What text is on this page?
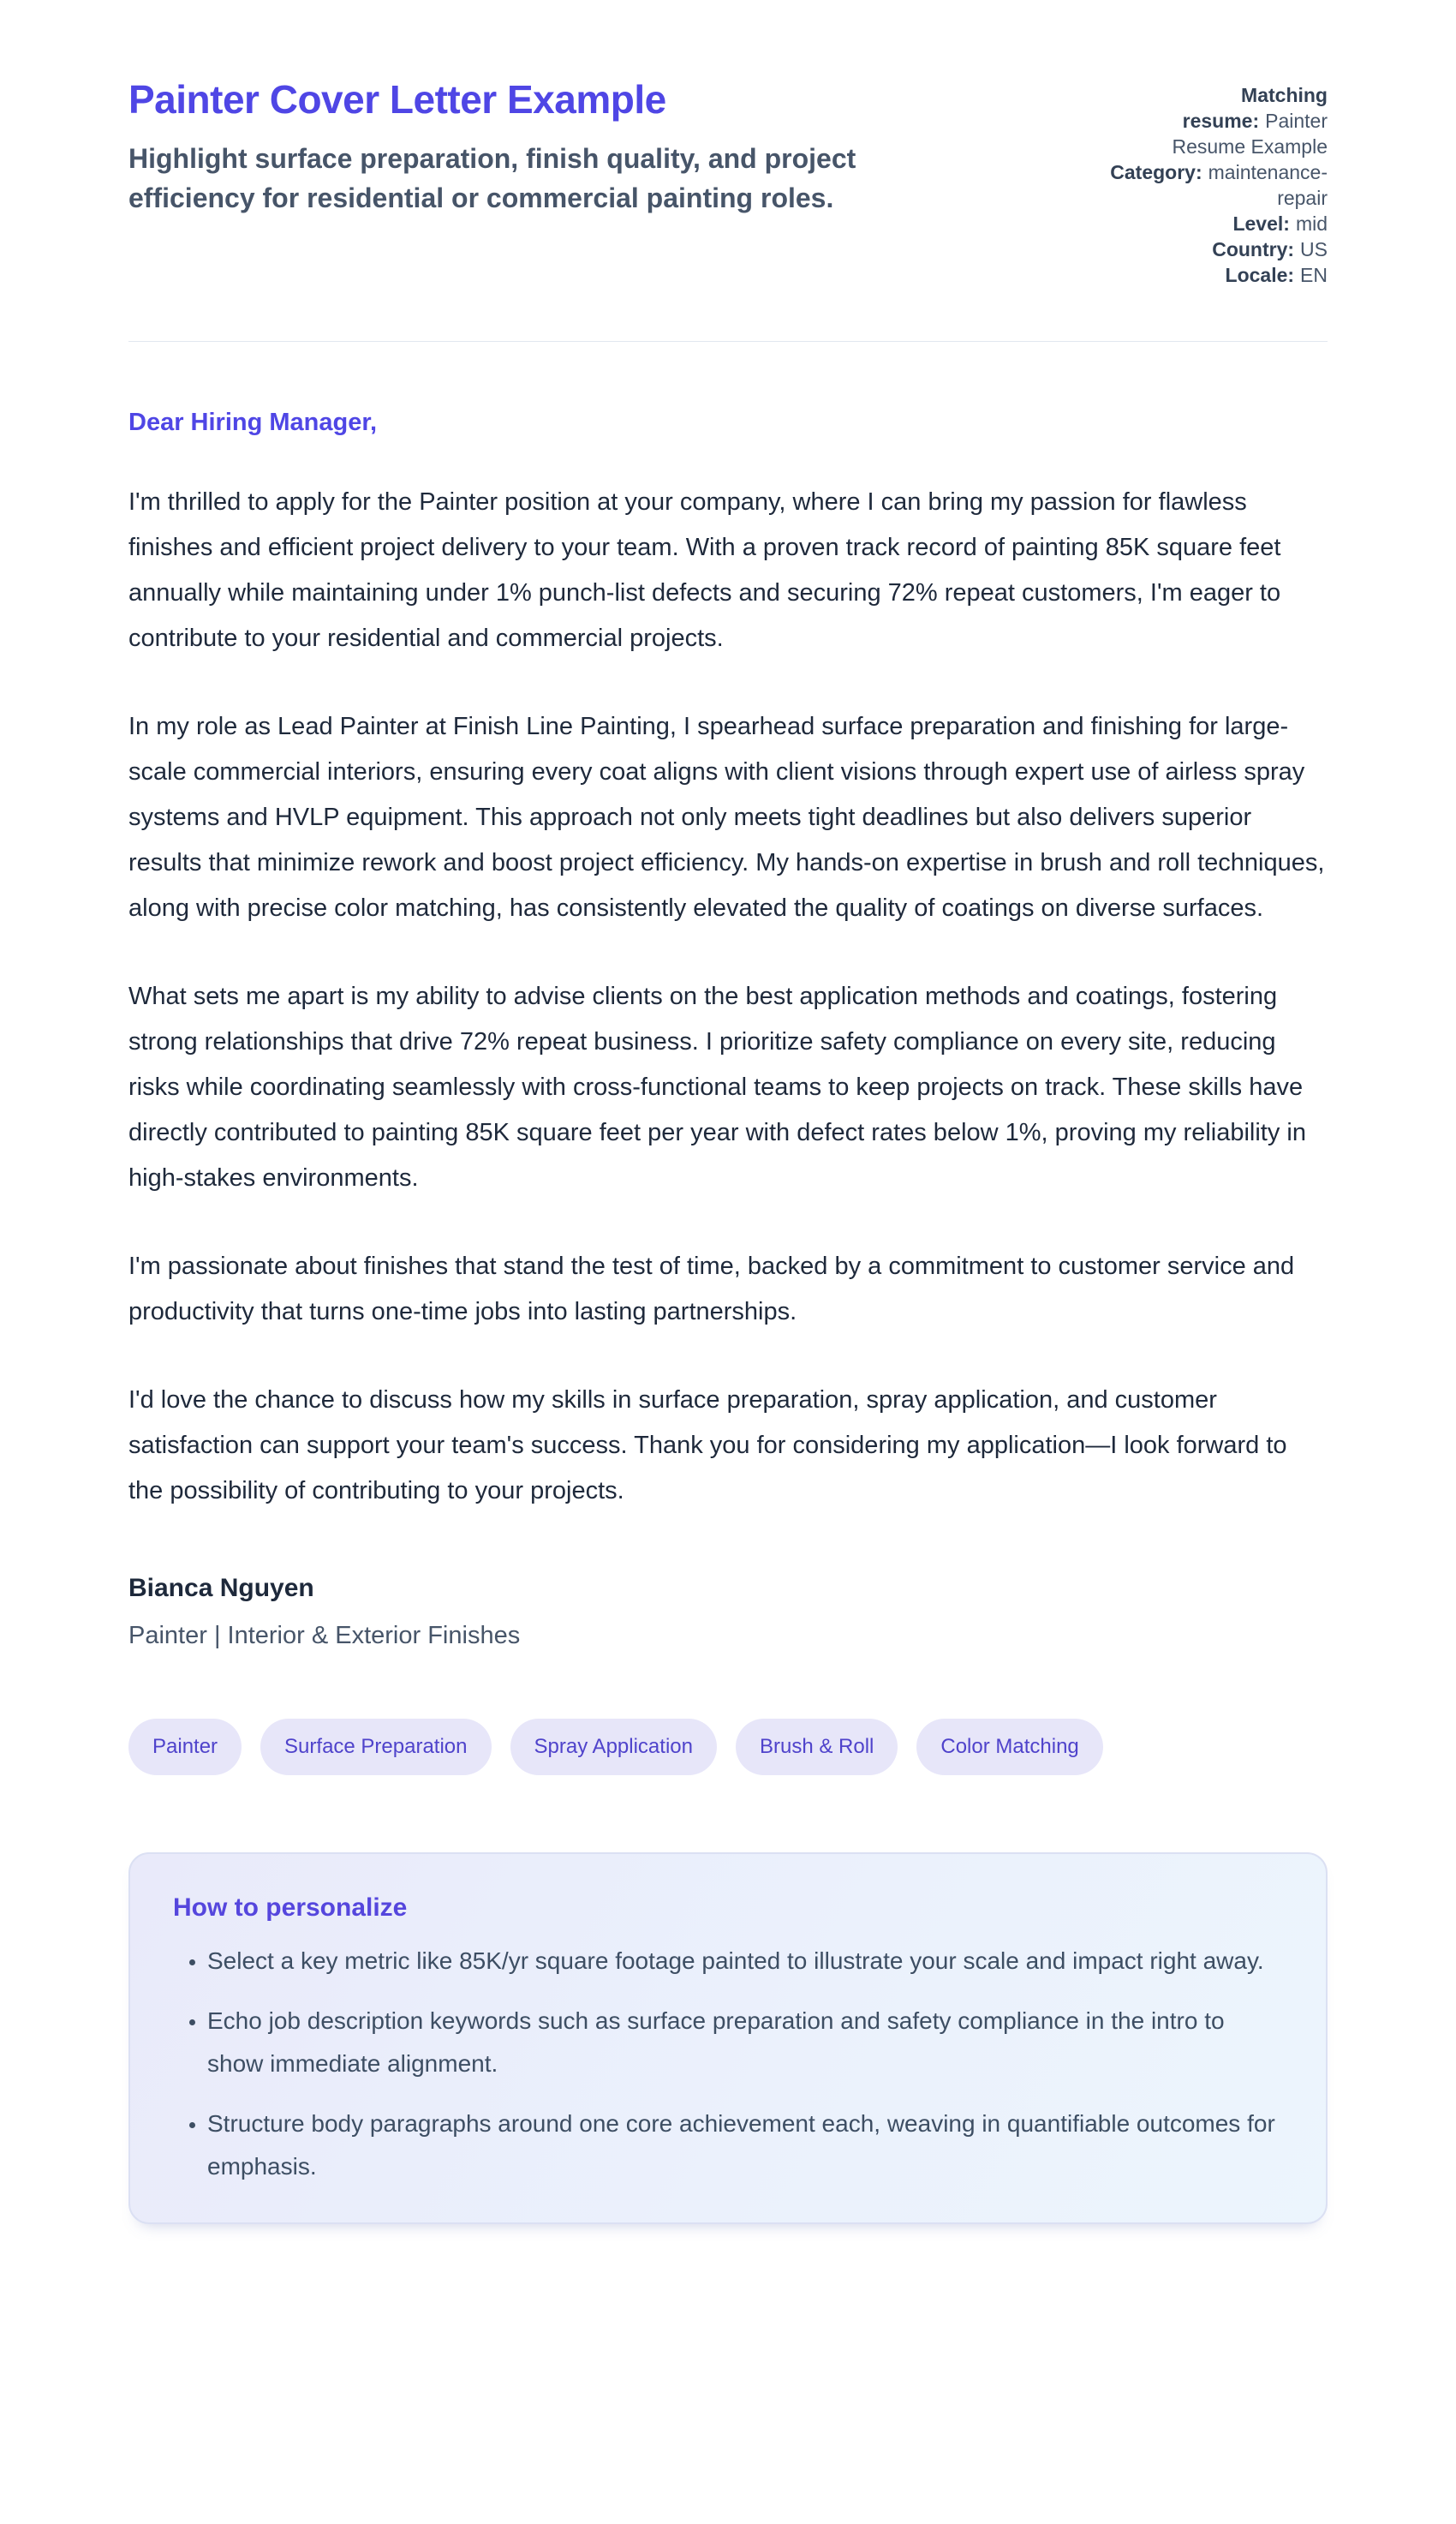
Painter Cover Letter Example

Highlight surface preparation, finish quality, and project efficiency for residential or commercial painting roles.

Matching resume: Painter Resume Example
Category: maintenance-repair
Level: mid
Country: US
Locale: EN

Dear Hiring Manager,

I'm thrilled to apply for the Painter position at your company, where I can bring my passion for flawless finishes and efficient project delivery to your team. With a proven track record of painting 85K square feet annually while maintaining under 1% punch-list defects and securing 72% repeat customers, I'm eager to contribute to your residential and commercial projects.

In my role as Lead Painter at Finish Line Painting, I spearhead surface preparation and finishing for large-scale commercial interiors, ensuring every coat aligns with client visions through expert use of airless spray systems and HVLP equipment. This approach not only meets tight deadlines but also delivers superior results that minimize rework and boost project efficiency. My hands-on expertise in brush and roll techniques, along with precise color matching, has consistently elevated the quality of coatings on diverse surfaces.

What sets me apart is my ability to advise clients on the best application methods and coatings, fostering strong relationships that drive 72% repeat business. I prioritize safety compliance on every site, reducing risks while coordinating seamlessly with cross-functional teams to keep projects on track. These skills have directly contributed to painting 85K square feet per year with defect rates below 1%, proving my reliability in high-stakes environments.

I'm passionate about finishes that stand the test of time, backed by a commitment to customer service and productivity that turns one-time jobs into lasting partnerships.

I'd love the chance to discuss how my skills in surface preparation, spray application, and customer satisfaction can support your team's success. Thank you for considering my application—I look forward to the possibility of contributing to your projects.

Bianca Nguyen

Painter | Interior & Exterior Finishes

Painter	Surface Preparation	Spray Application	Brush & Roll	Color Matching
How to personalize
• Select a key metric like 85K/yr square footage painted to illustrate your scale and impact right away.
• Echo job description keywords such as surface preparation and safety compliance in the intro to show immediate alignment.
• Structure body paragraphs around one core achievement each, weaving in quantifiable outcomes for emphasis.
